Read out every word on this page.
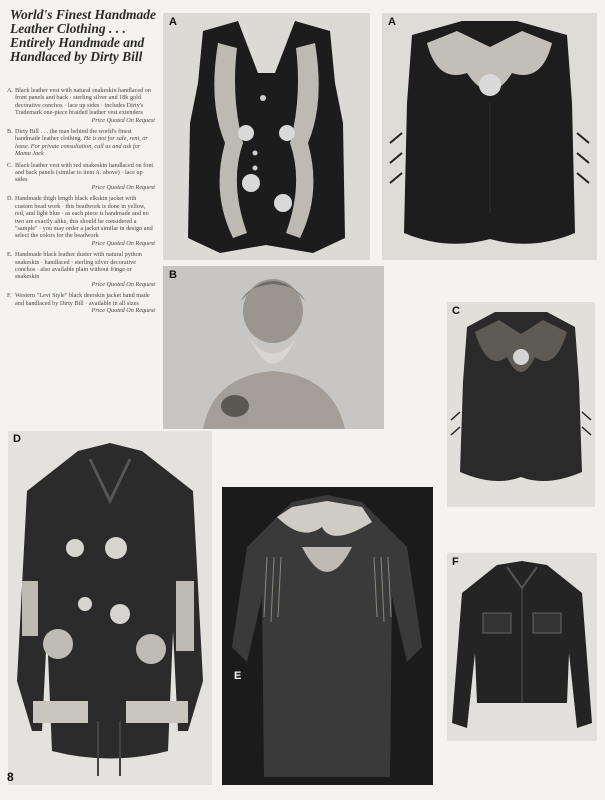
World's Finest Handmade
Leather Clothing . . .
Entirely Handmade and
Handlaced by Dirty Bill
A. Black leather vest with natural snakeskin handlaced on front panels and back · sterling silver and 18k gold decorative conchos · lace up sides · includes Dirty's Trademark one-piece braided leather vest extenders
Price Quoted On Request
B. Dirty Bill . . . the man behind the world's finest handmade leather clothing. He is not for sale, rent, or lease. For private consultation, call us and ask for Mama Jack
C. Black leather vest with red snakeskin handlaced on font and back panels (similar to item A. above) · lace up sides
Price Quoted On Request
D. Handmade thigh length black elkskin jacket with custom bead work · this beadwork is done in yellow, red, and light blue · as each piece is handmade and no two are exactly alike, this should be considered a "sample" · you may order a jacket similar in design and select the colors for the beadwork
Price Quoted On Request
E. Handmade black leather duster with natural python snakeskin · handlaced · sterling silver decorative conchos · also available plain without fringe or snakeskin
Price Quoted On Request
F. Western "Levi Style" black deerskin jacket hand made and handlaced by Dirty Bill · available in all sizes
Price Quoted On Request
A	A
B
C
D
E
F
8
